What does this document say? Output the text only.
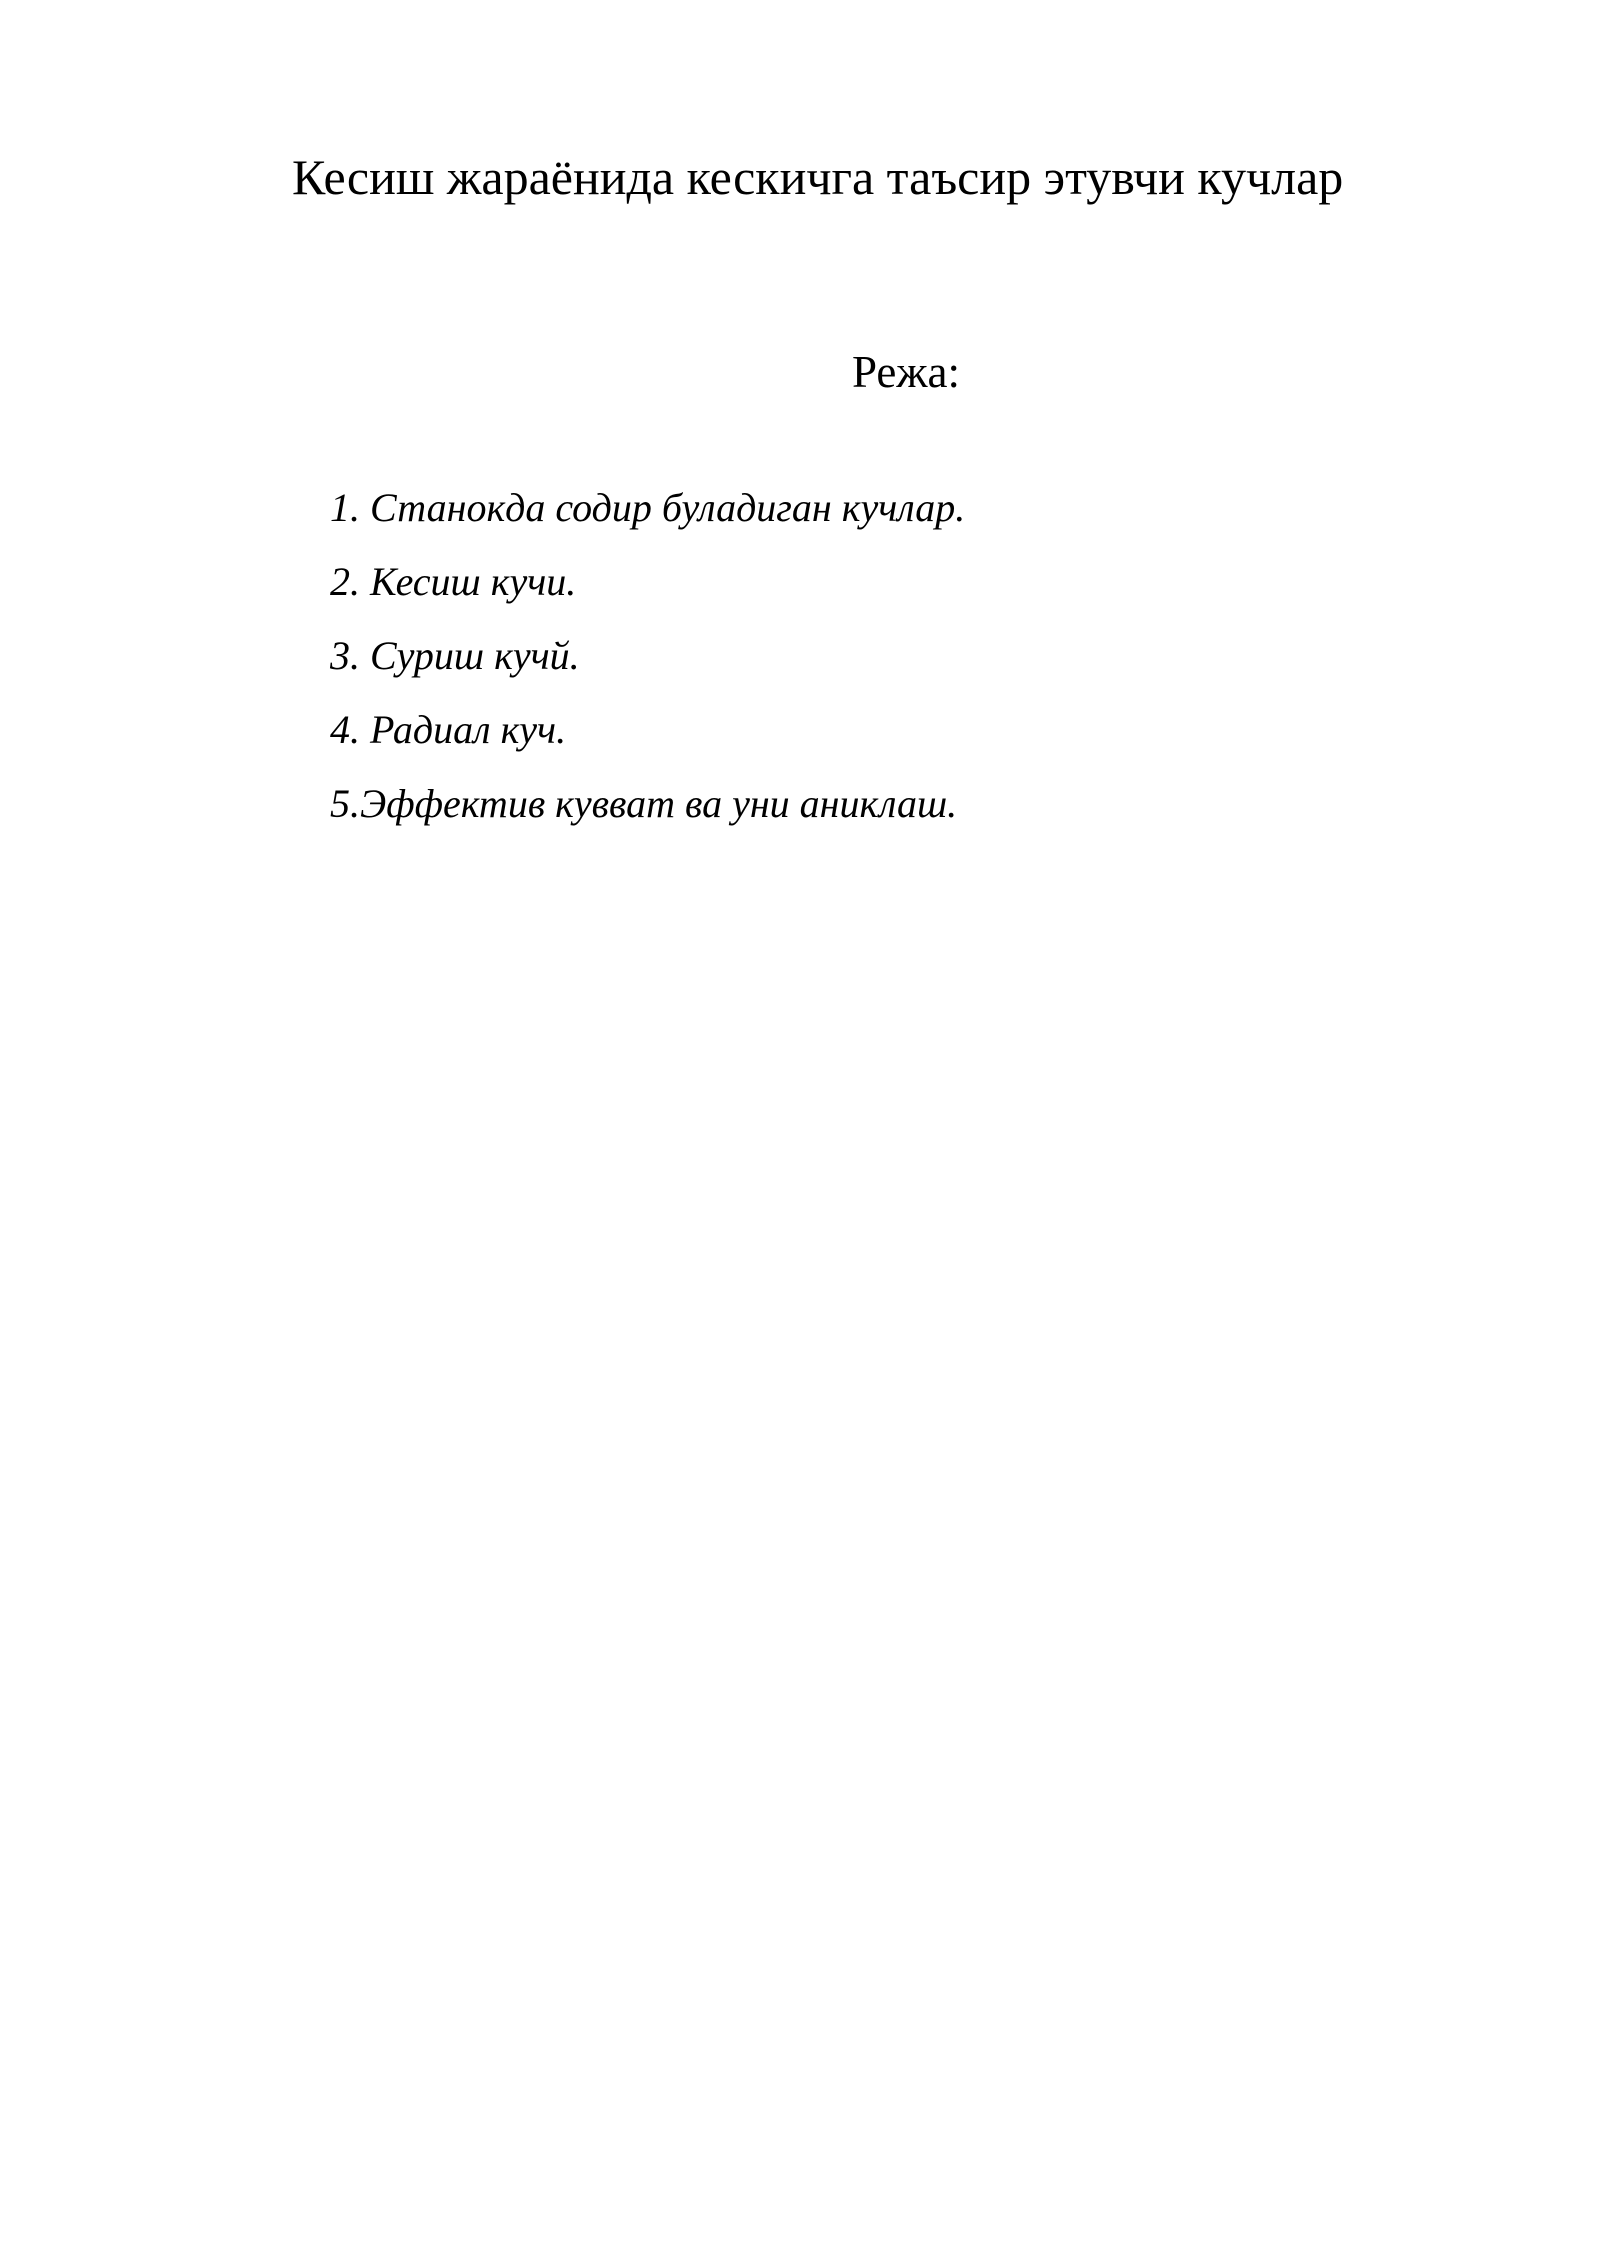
Кесиш жараёнида кескичга таъсир этувчи кучлар
Режа:
1. Станокда содир буладиган кучлар.
2. Кесиш кучи.
3. Суриш кучй.
4. Радиал куч.
5.Эффектив кувват ва уни аниклаш.
